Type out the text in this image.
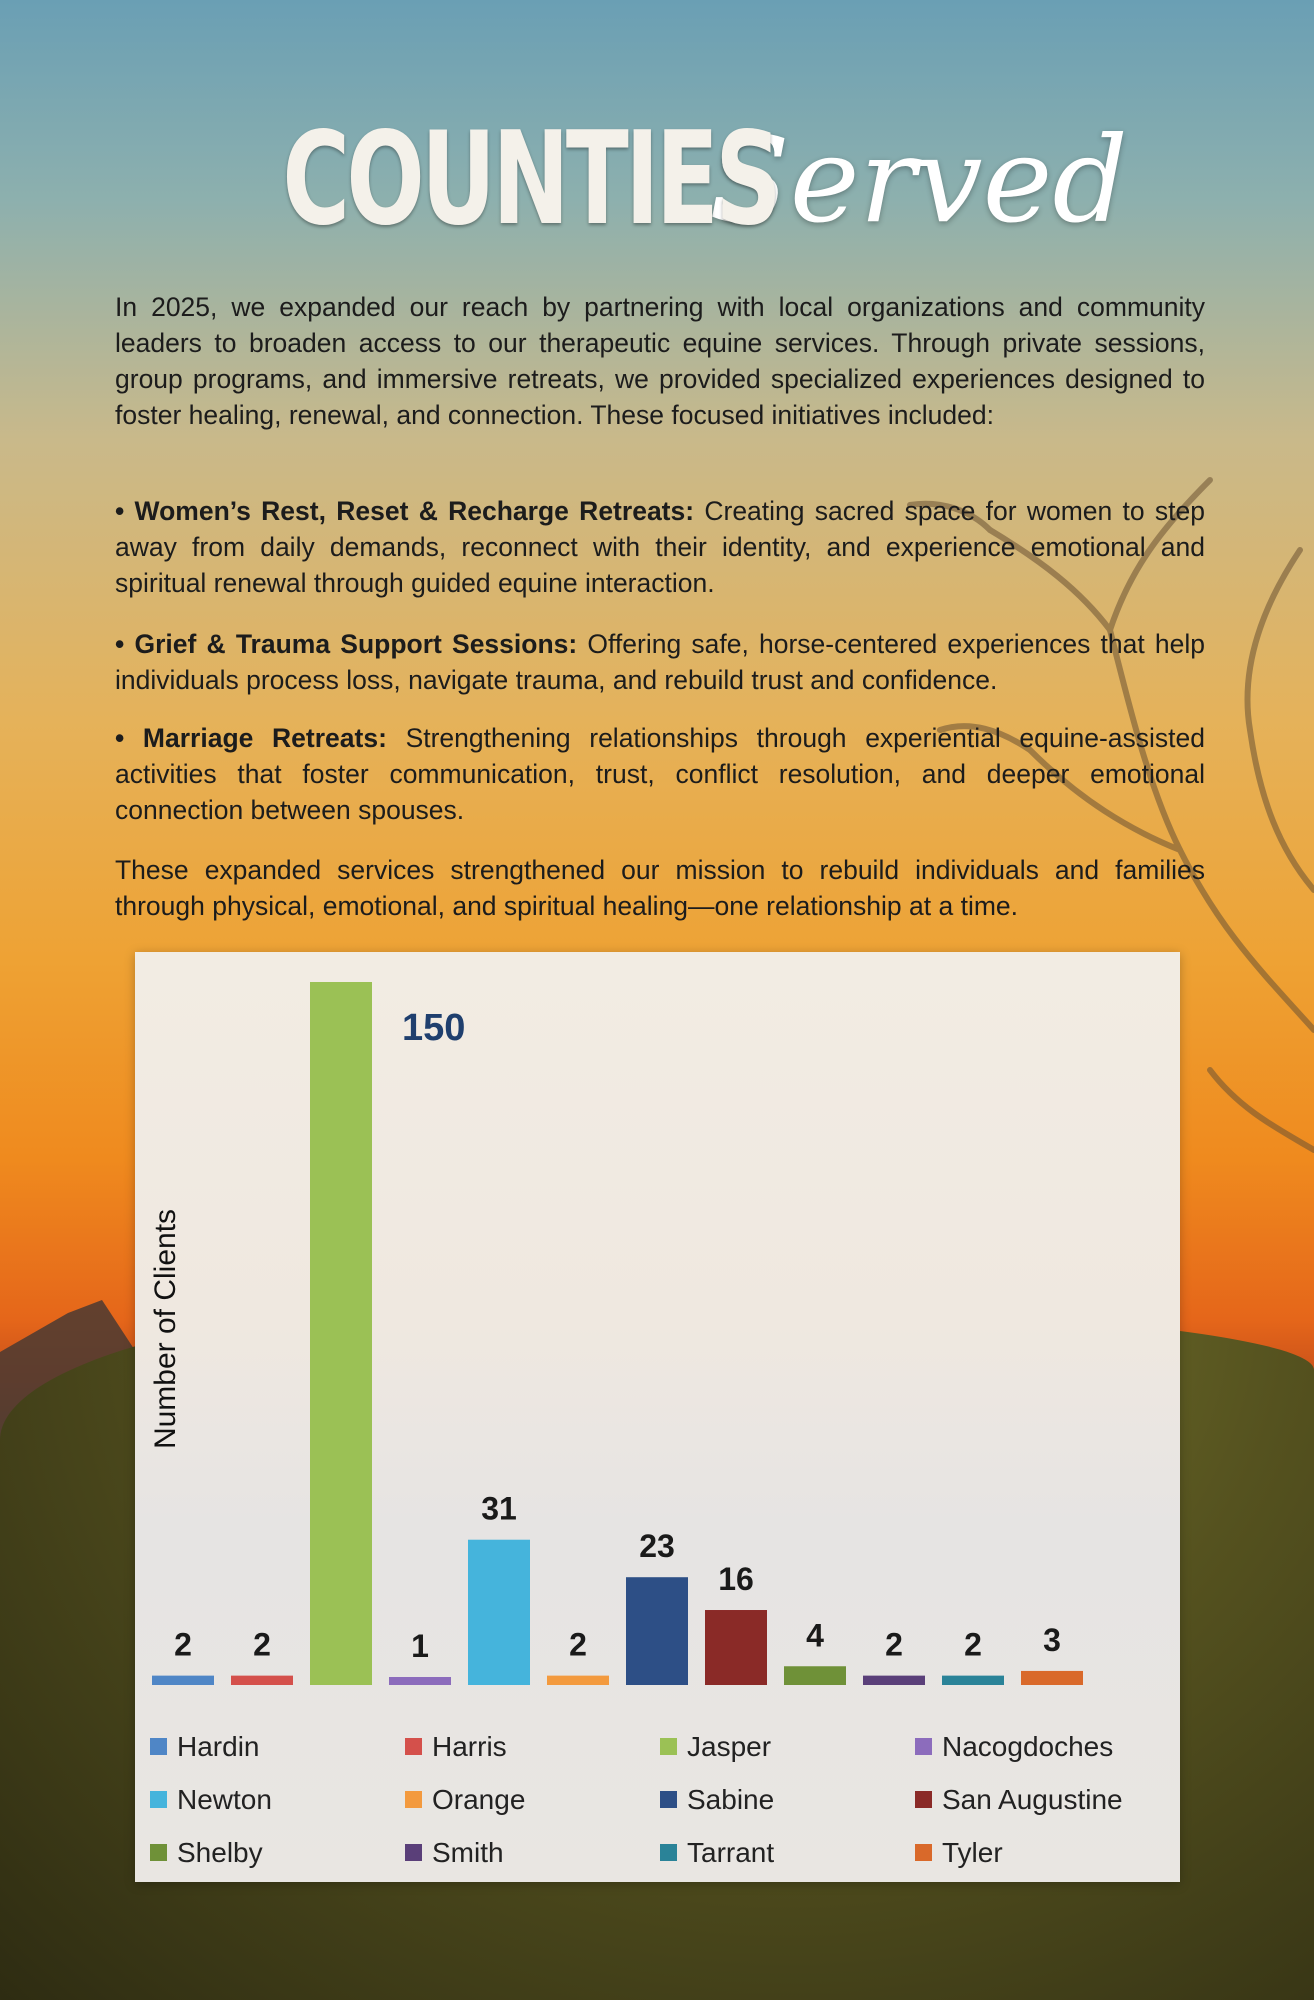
COUNTIES Served
In 2025, we expanded our reach by partnering with local organizations and community leaders to broaden access to our therapeutic equine services. Through private sessions, group programs, and immersive retreats, we provided specialized experiences designed to foster healing, renewal, and connection. These focused initiatives included:
• Women’s Rest, Reset & Recharge Retreats: Creating sacred space for women to step away from daily demands, reconnect with their identity, and experience emotional and spiritual renewal through guided equine interaction.
• Grief & Trauma Support Sessions: Offering safe, horse-centered experiences that help individuals process loss, navigate trauma, and rebuild trust and confidence.
• Marriage Retreats: Strengthening relationships through experiential equine-assisted activities that foster communication, trust, conflict resolution, and deeper emotional connection between spouses.
These expanded services strengthened our mission to rebuild individuals and families through physical, emotional, and spiritual healing—one relationship at a time.
2 2
150
1
31
2
23
16
4 2 2 3
Number of Clients
Hardin	Harris	Jasper	Nacogdoches
Newton	Orange	Sabine	San Augustine
Shelby	Smith	Tarrant	Tyler
